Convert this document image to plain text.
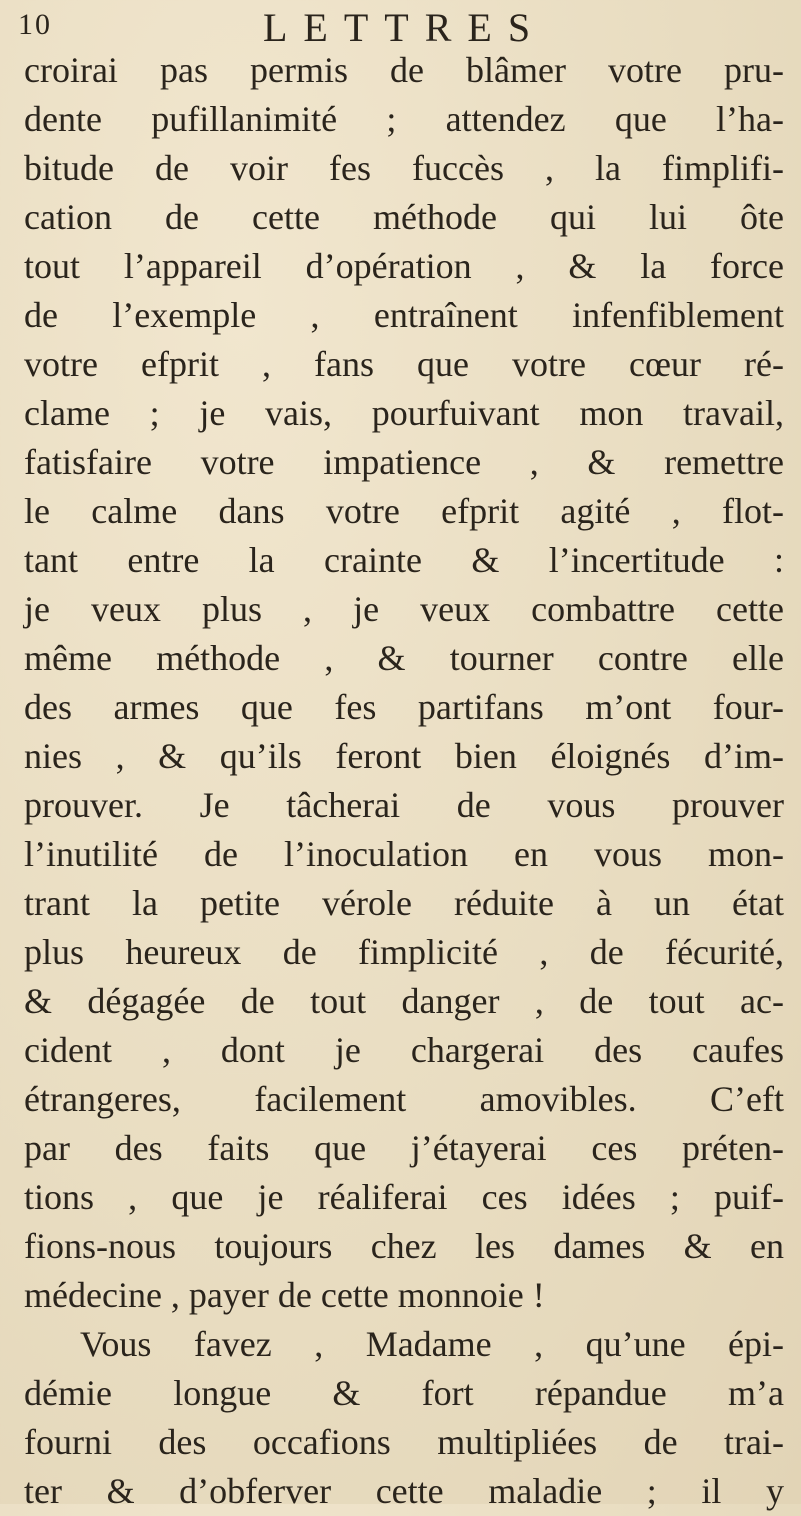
10	LETTRES
croirai pas permis de blâmer votre pru-
dente pufillanimité ; attendez que l’ha-
bitude de voir fes fuccès , la fimplifi-
cation de cette méthode qui lui ôte
tout l’appareil d’opération , & la force
de l’exemple , entraînent infenfiblement
votre efprit , fans que votre cœur ré-
clame ; je vais, pourfuivant mon travail,
fatisfaire votre impatience , & remettre
le calme dans votre efprit agité , flot-
tant entre la crainte & l’incertitude :
je veux plus , je veux combattre cette
même méthode , & tourner contre elle
des armes que fes partifans m’ont four-
nies , & qu’ils feront bien éloignés d’im-
prouver. Je tâcherai de vous prouver
l’inutilité de l’inoculation en vous mon-
trant la petite vérole réduite à un état
plus heureux de fimplicité , de fécurité,
& dégagée de tout danger , de tout ac-
cident , dont je chargerai des caufes
étrangeres, facilement amovibles. C’eft
par des faits que j’étayerai ces préten-
tions , que je réaliferai ces idées ; puif-
fions-nous toujours chez les dames & en
médecine , payer de cette monnoie !
Vous favez , Madame , qu’une épi-
démie longue & fort répandue m’a
fourni des occafions multipliées de trai-
ter & d’obferver cette maladie ; il y
